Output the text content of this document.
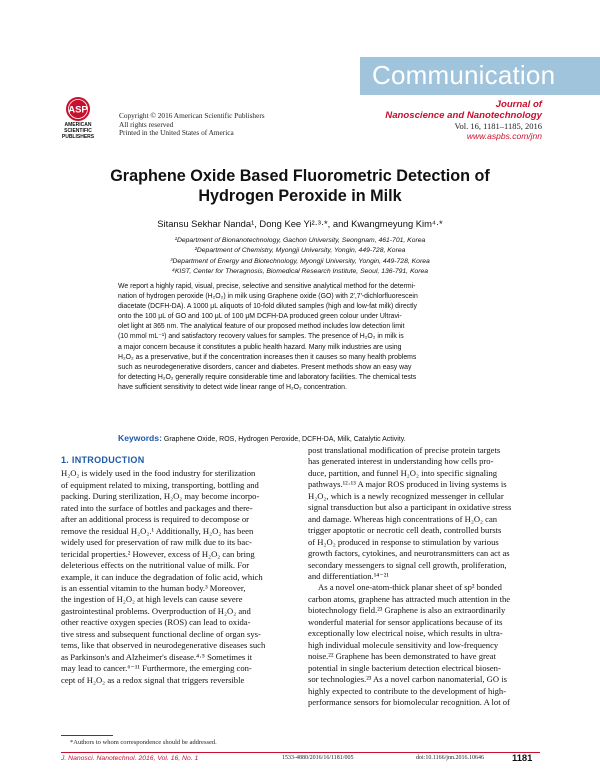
Communication
ASP
AMERICAN
SCIENTIFIC
PUBLISHERS
Copyright © 2016 American Scientific Publishers
All rights reserved
Printed in the United States of America
Journal of
Nanoscience and Nanotechnology
Vol. 16, 1181–1185, 2016
www.aspbs.com/jnn
Graphene Oxide Based Fluorometric Detection of
Hydrogen Peroxide in Milk
Sitansu Sekhar Nanda¹, Dong Kee Yi²·³·*, and Kwangmeyung Kim⁴·*
¹Department of Bionanotechnology, Gachon University, Seongnam, 461-701, Korea
²Department of Chemistry, Myongji University, Yongin, 449-728, Korea
³Department of Energy and Biotechnology, Myongji University, Yongin, 449-728, Korea
⁴KIST, Center for Theragnosis, Biomedical Research Institute, Seoul, 136-791, Korea
We report a highly rapid, visual, precise, selective and sensitive analytical method for the determi-
nation of hydrogen peroxide (H₂O₂) in milk using Graphene oxide (GO) with 2′,7′-dichlorfluorescein
diacetate (DCFH-DA). A 1000 μL aliquots of 10-fold diluted samples (high and low-fat milk) directly
onto the 100 μL of GO and 100 μL of 100 μM DCFH-DA produced green colour under Ultravi-
olet light at 365 nm. The analytical feature of our proposed method includes low detection limit
(10 mmol mL⁻¹) and satisfactory recovery values for samples. The presence of H₂O₂ in milk is
a major concern because it constitutes a public health hazard. Many milk industries are using
H₂O₂ as a preservative, but if the concentration increases then it causes so many health problems
such as neurodegenerative disorders, cancer and diabetes. Present methods show an easy way
for detecting H₂O₂ generally require considerable time and laboratory facilities. The chemical tests
have sufficient sensitivity to detect wide linear range of H₂O₂ concentration.
Keywords: Graphene Oxide, ROS, Hydrogen Peroxide, DCFH-DA, Milk, Catalytic Activity.
1. INTRODUCTION
H₂O₂ is widely used in the food industry for sterilization
of equipment related to mixing, transporting, bottling and
packing. During sterilization, H₂O₂ may become incorpo-
rated into the surface of bottles and packages and there-
after an additional process is required to decompose or
remove the residual H₂O₂.¹ Additionally, H₂O₂ has been
widely used for preservation of raw milk due to its bac-
tericidal properties.² However, excess of H₂O₂ can bring
deleterious effects on the nutritional value of milk. For
example, it can induce the degradation of folic acid, which
is an essential vitamin to the human body.³ Moreover,
the ingestion of H₂O₂ at high levels can cause severe
gastrointestinal problems. Overproduction of H₂O₂ and
other reactive oxygen species (ROS) can lead to oxida-
tive stress and subsequent functional decline of organ sys-
tems, like that observed in neurodegenerative diseases such
as Parkinson's and Alzheimer's disease.⁴·⁵ Sometimes it
may lead to cancer.⁶⁻¹¹ Furthermore, the emerging con-
cept of H₂O₂ as a redox signal that triggers reversible
post translational modification of precise protein targets
has generated interest in understanding how cells pro-
duce, partition, and funnel H₂O₂ into specific signaling
pathways.¹²·¹³ A major ROS produced in living systems is
H₂O₂, which is a newly recognized messenger in cellular
signal transduction but also a participant in oxidative stress
and damage. Whereas high concentrations of H₂O₂ can
trigger apoptotic or necrotic cell death, controlled bursts
of H₂O₂ produced in response to stimulation by various
growth factors, cytokines, and neurotransmitters can act as
secondary messengers to signal cell growth, proliferation,
and differentiation.¹⁴⁻²¹
As a novel one-atom-thick planar sheet of sp² bonded
carbon atoms, graphene has attracted much attention in the
biotechnology field.²³ Graphene is also an extraordinarily
wonderful material for sensor applications because of its
exceptionally low electrical noise, which results in ultra-
high individual molecule sensitivity and low-frequency
noise.²² Graphene has been demonstrated to have great
potential in single bacterium detection electrical biosen-
sor technologies.²³ As a novel carbon nanomaterial, GO is
highly expected to contribute to the development of high-
performance sensors for biomolecular recognition. A lot of
*Authors to whom correspondence should be addressed.
J. Nanosci. Nanotechnol. 2016, Vol. 16, No. 1	1533-4880/2016/16/1181/005	doi:10.1166/jnn.2016.10646	1181
